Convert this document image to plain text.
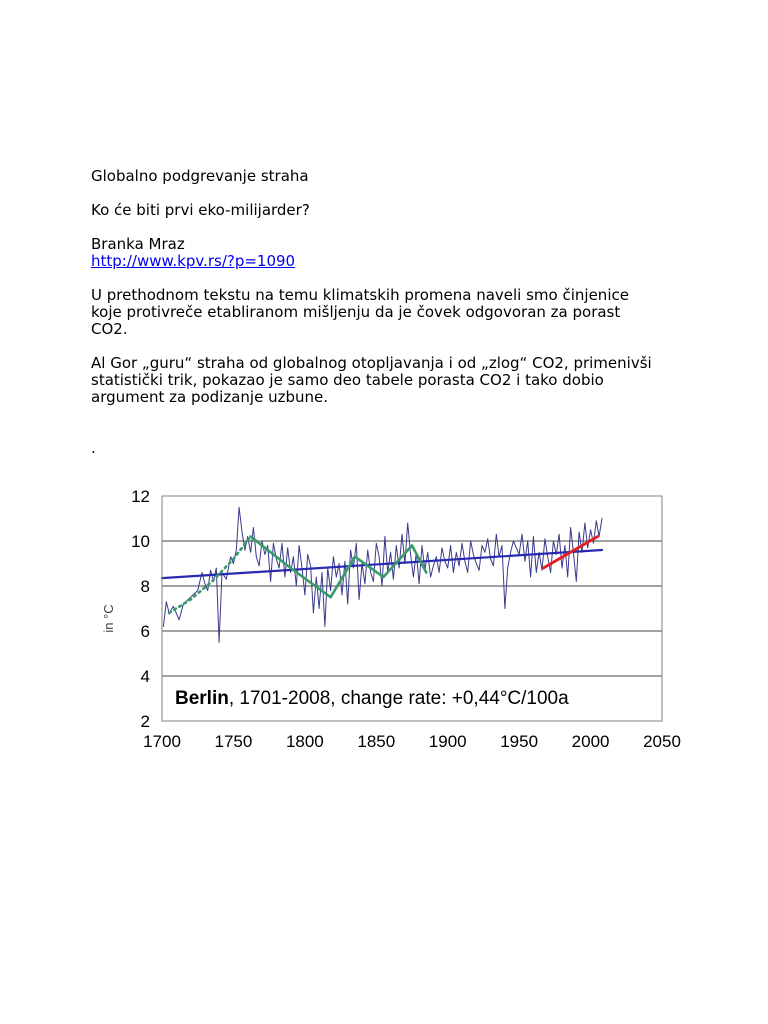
Globalno podgrevanje straha

Ko će biti prvi eko-milijarder?

Branka Mraz
http://www.kpv.rs/?p=1090

U prethodnom tekstu na temu klimatskih promena naveli smo činjenice
koje protivreče etabliranom mišljenju da je čovek odgovoran za porast
CO2.

Al Gor „guru“ straha od globalnog otopljavanja i od „zlog“ CO2, primenivši
statistički trik, pokazao je samo deo tabele porasta CO2 i tako dobio
argument za podizanje uzbune.

.

2
4
6
8
10
12
1700 1750 1800 1850 1900 1950 2000 2050
in °C
Berlin, 1701-2008, change rate: +0,44°C/100a
